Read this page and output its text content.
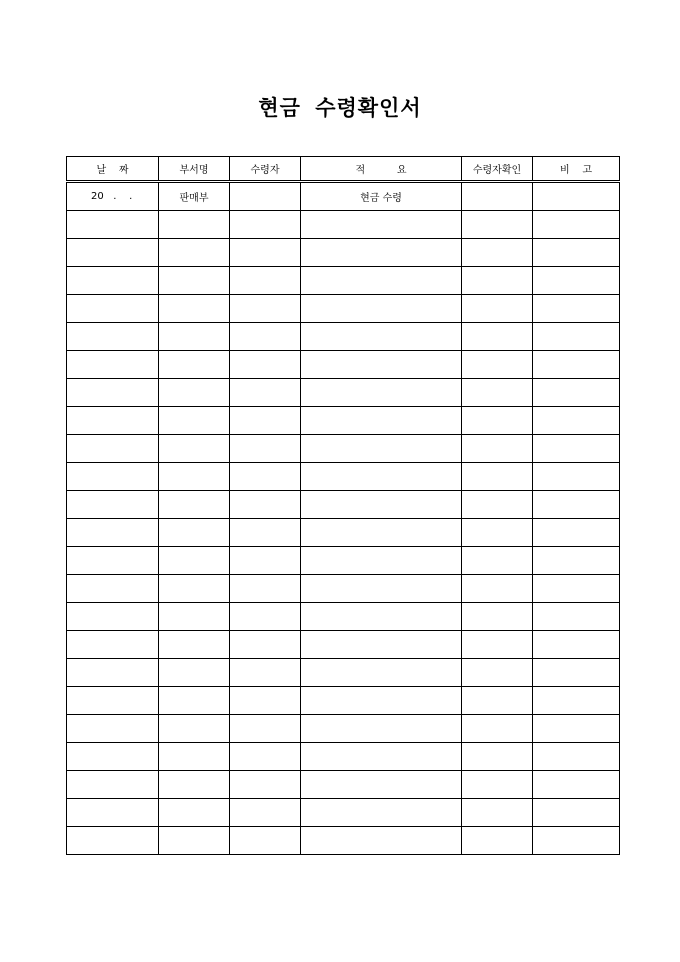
현금 수령확인서
날    짜	부서명	수령자	적          요	수령자확인	비    고
20   .    .	판매부		현금 수령		
